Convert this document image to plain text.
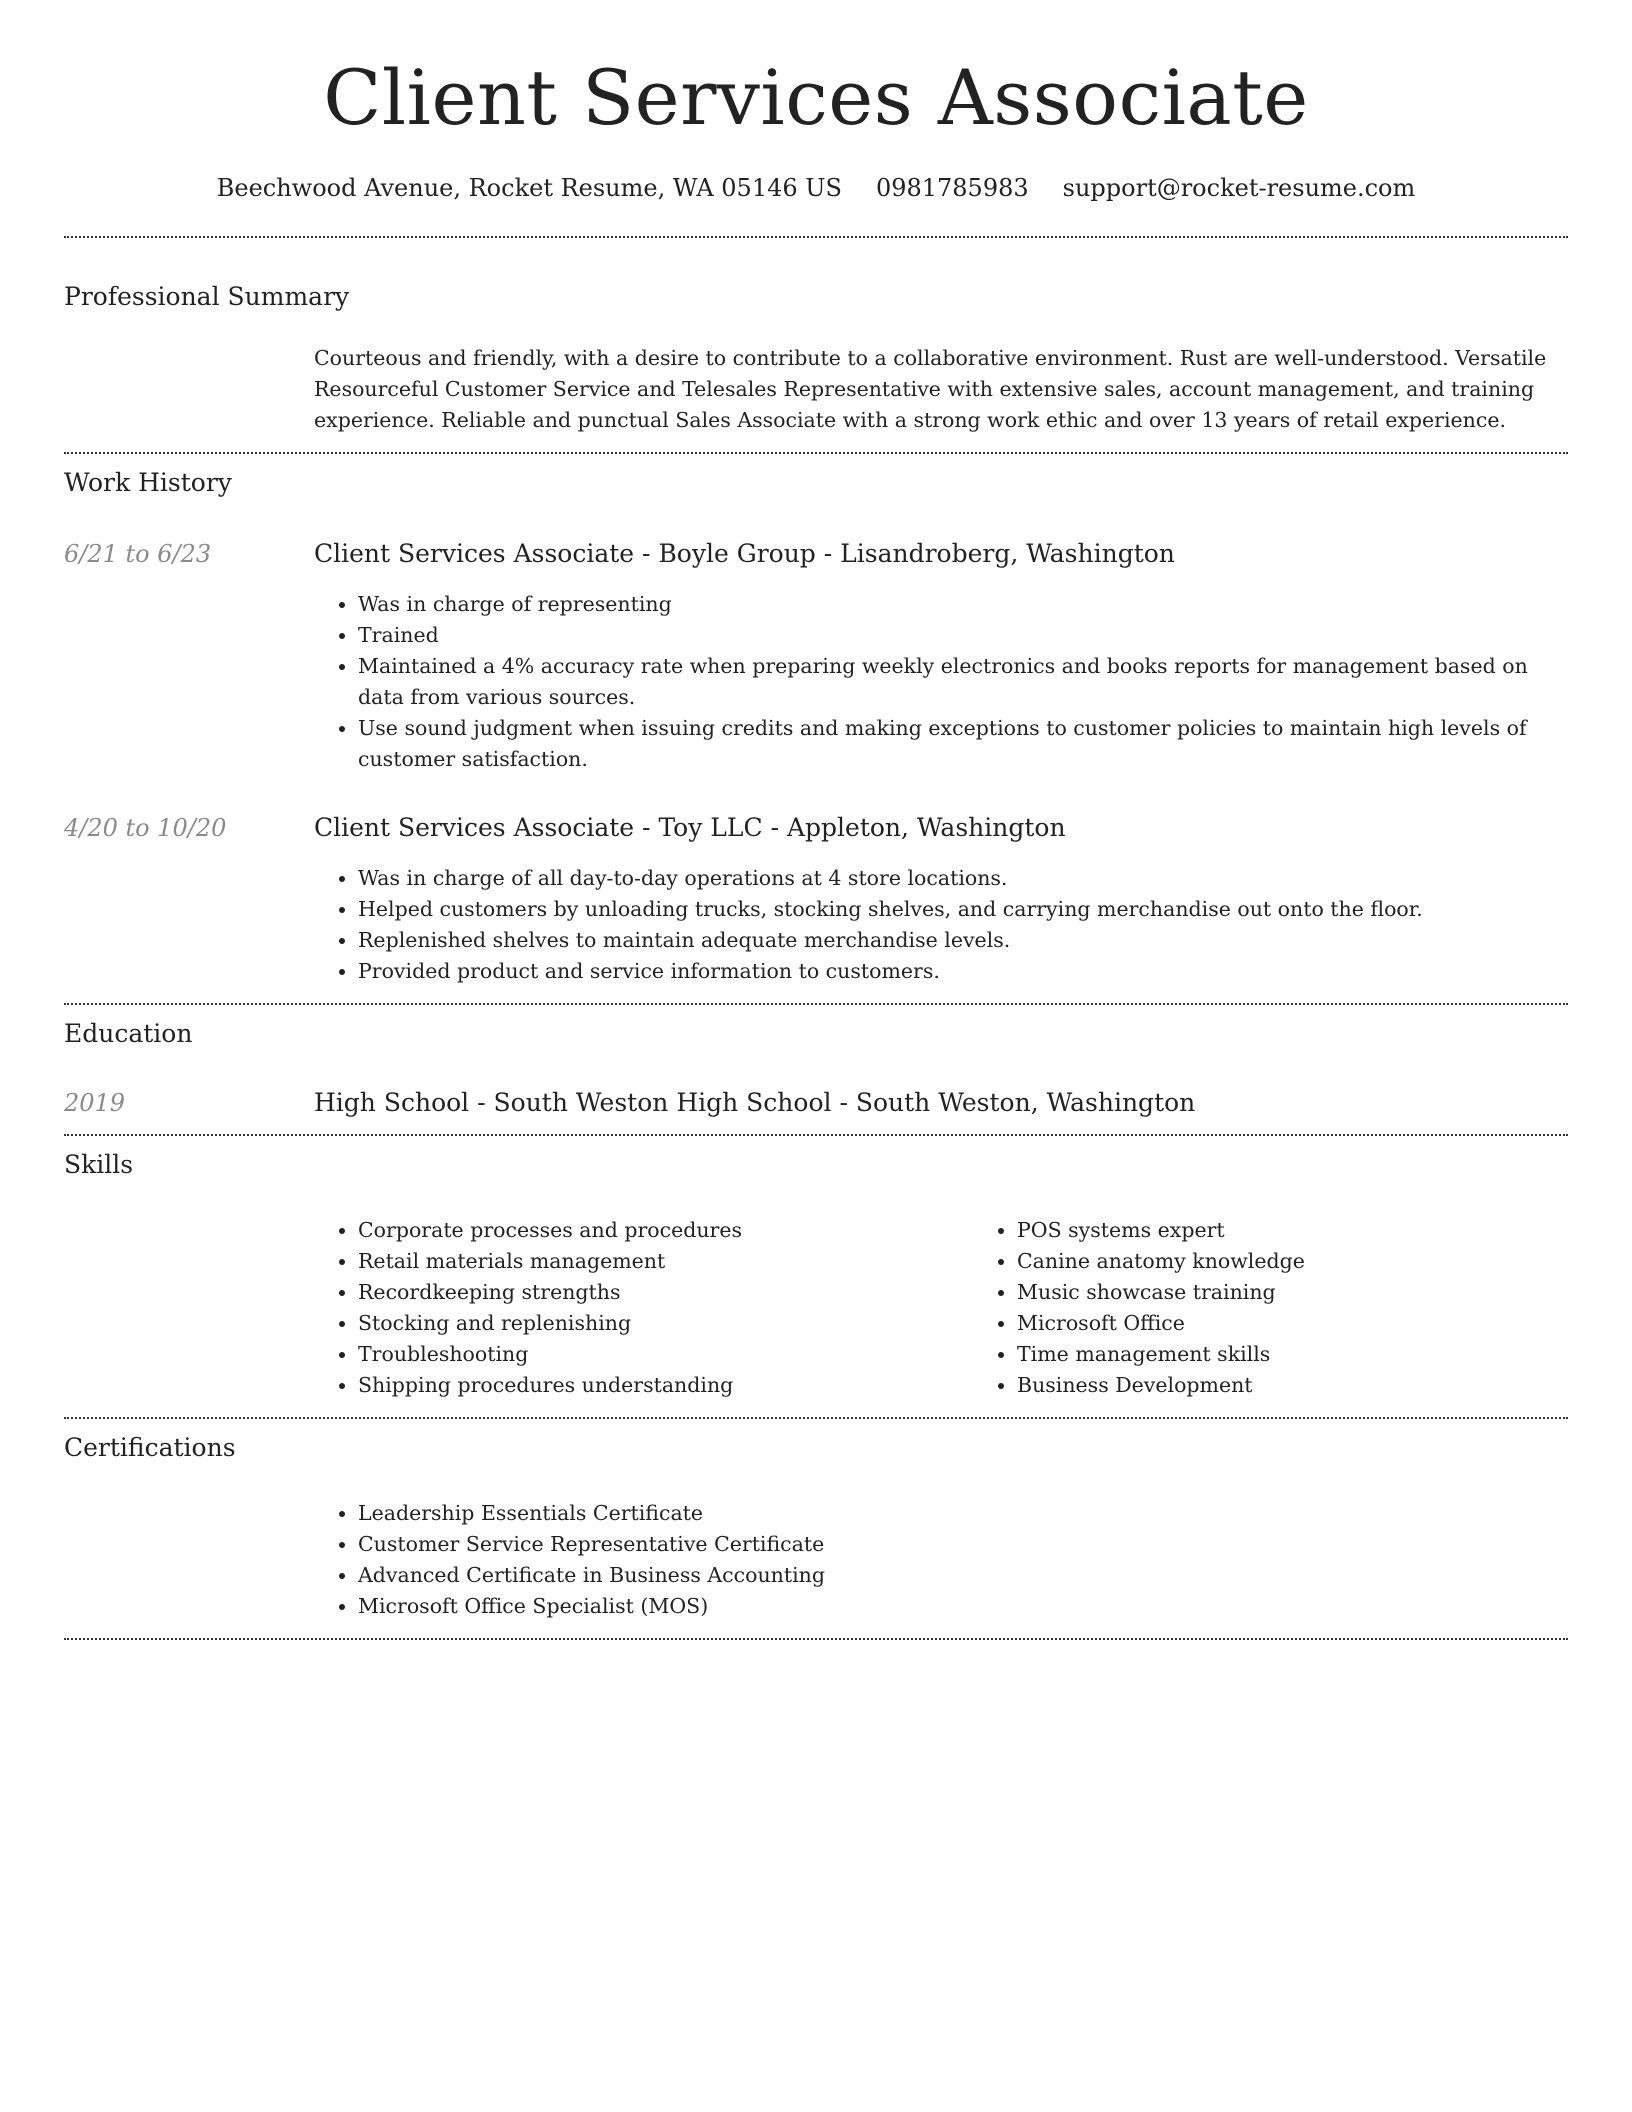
Client Services Associate
Beechwood Avenue, Rocket Resume, WA 05146 US 0981785983 support@rocket-resume.com
Professional Summary

Courteous and friendly, with a desire to contribute to a collaborative environment. Rust are well-understood. Versatile Resourceful Customer Service and Telesales Representative with extensive sales, account management, and training experience. Reliable and punctual Sales Associate with a strong work ethic and over 13 years of retail experience.

Work History
6/21 to 6/23	Client Services Associate - Boyle Group - Lisandroberg, Washington
• Was in charge of representing
• Trained
• Maintained a 4% accuracy rate when preparing weekly electronics and books reports for management based on data from various sources.
• Use sound judgment when issuing credits and making exceptions to customer policies to maintain high levels of customer satisfaction.
4/20 to 10/20	Client Services Associate - Toy LLC - Appleton, Washington
• Was in charge of all day-to-day operations at 4 store locations.
• Helped customers by unloading trucks, stocking shelves, and carrying merchandise out onto the floor.
• Replenished shelves to maintain adequate merchandise levels.
• Provided product and service information to customers.
Education
2019	High School - South Weston High School - South Weston, Washington
Skills
• Corporate processes and procedures
• Retail materials management
• Recordkeeping strengths
• Stocking and replenishing
• Troubleshooting
• Shipping procedures understanding
• POS systems expert
• Canine anatomy knowledge
• Music showcase training
• Microsoft Office
• Time management skills
• Business Development
Certifications
• Leadership Essentials Certificate
• Customer Service Representative Certificate
• Advanced Certificate in Business Accounting
• Microsoft Office Specialist (MOS)
